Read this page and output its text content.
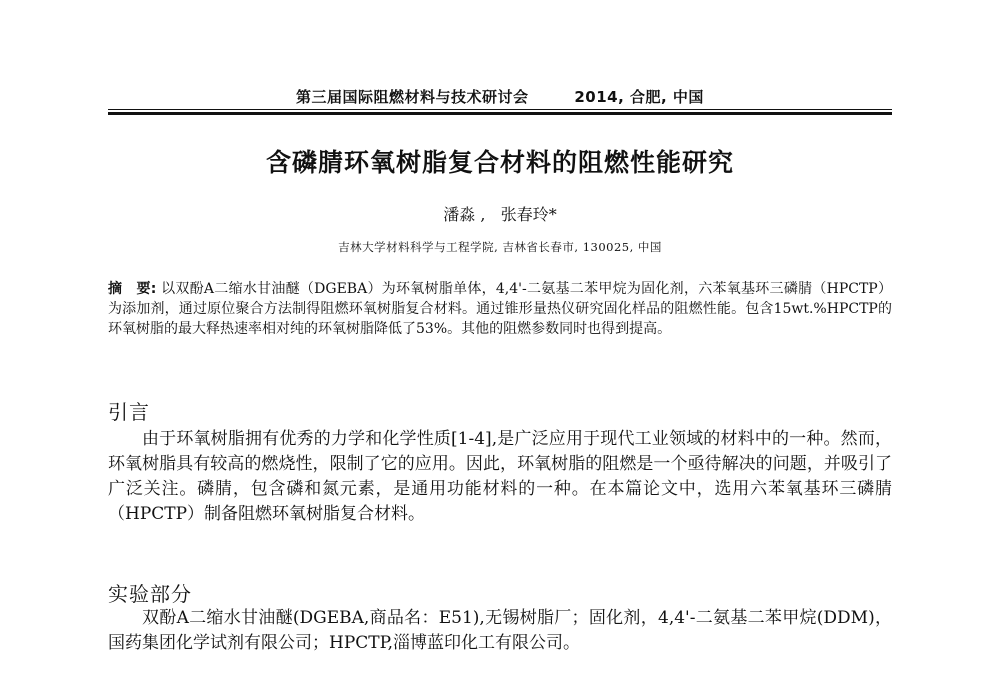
第三届国际阻燃材料与技术研讨会	2014, 合肥, 中国
含磷腈环氧树脂复合材料的阻燃性能研究
潘淼 ,   张春玲*
吉林大学材料科学与工程学院, 吉林省长春市, 130025, 中国
摘　要: 以双酚A二缩水甘油醚（DGEBA）为环氧树脂单体，4,4'-二氨基二苯甲烷为固化剂，六苯氧基环三磷腈（HPCTP）为添加剂，通过原位聚合方法制得阻燃环氧树脂复合材料。通过锥形量热仪研究固化样品的阻燃性能。包含15wt.%HPCTP的环氧树脂的最大释热速率相对纯的环氧树脂降低了53%。其他的阻燃参数同时也得到提高。
引言
由于环氧树脂拥有优秀的力学和化学性质[1-4],是广泛应用于现代工业领域的材料中的一种。然而，环氧树脂具有较高的燃烧性，限制了它的应用。因此，环氧树脂的阻燃是一个亟待解决的问题，并吸引了广泛关注。磷腈，包含磷和氮元素，是通用功能材料的一种。在本篇论文中，选用六苯氧基环三磷腈（HPCTP）制备阻燃环氧树脂复合材料。
实验部分
双酚A二缩水甘油醚(DGEBA,商品名：E51),无锡树脂厂；固化剂，4,4'-二氨基二苯甲烷(DDM)，国药集团化学试剂有限公司；HPCTP,淄博蓝印化工有限公司。
